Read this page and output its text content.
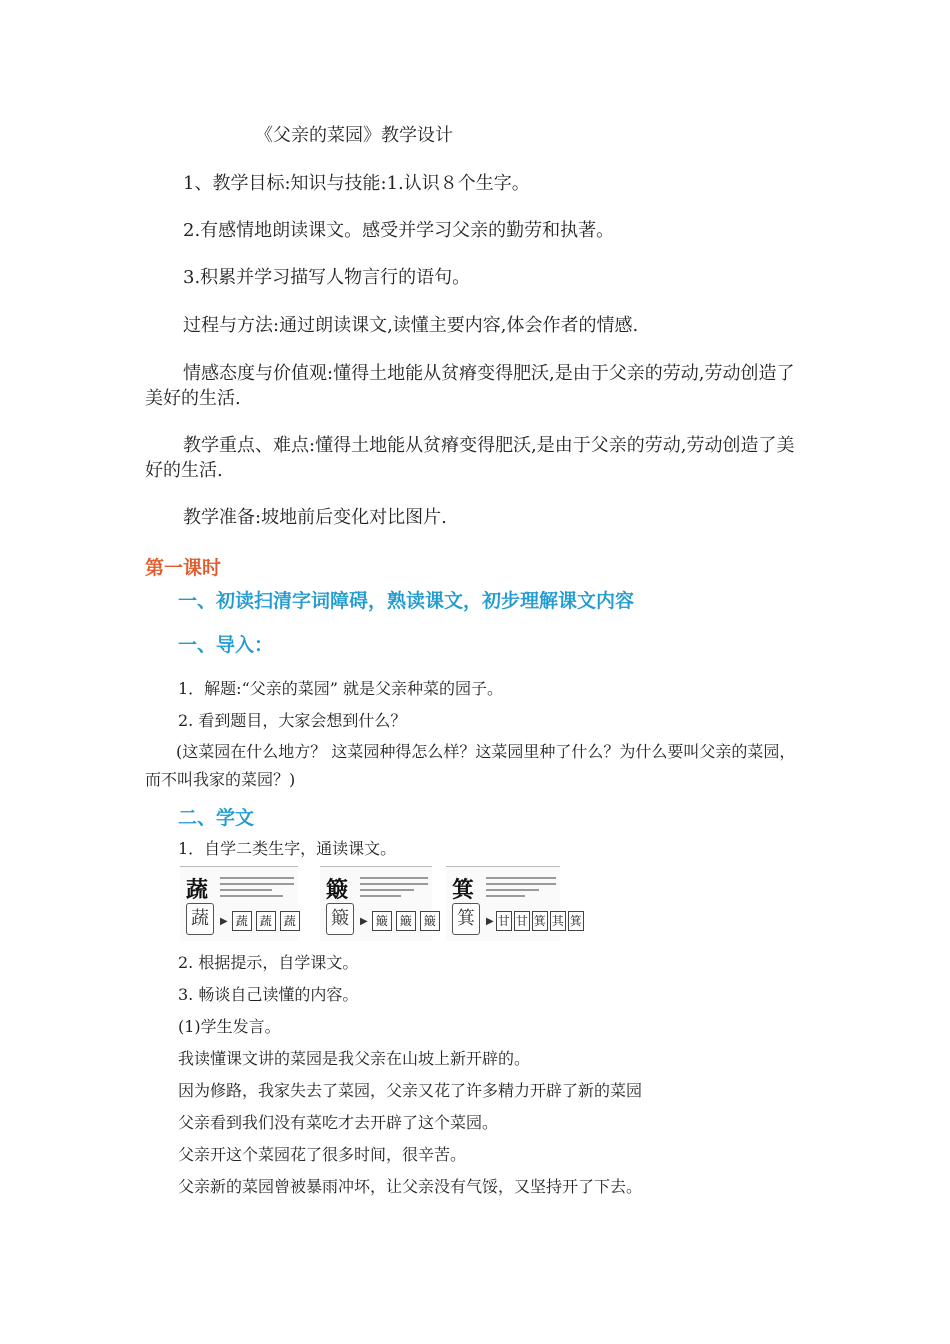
《父亲的菜园》教学设计
1、教学目标:知识与技能:1.认识８个生字。
2.有感情地朗读课文。感受并学习父亲的勤劳和执著。
3.积累并学习描写人物言行的语句。
过程与方法:通过朗读课文,读懂主要内容,体会作者的情感.
情感态度与价值观:懂得土地能从贫瘠变得肥沃,是由于父亲的劳动,劳动创造了美好的生活.
教学重点、难点:懂得土地能从贫瘠变得肥沃,是由于父亲的劳动,劳动创造了美好的生活.
教学准备:坡地前后变化对比图片.
第一课时
一、初读扫清字词障碍，熟读课文，初步理解课文内容
一、导入：
1．解题:“父亲的菜园” 就是父亲种菜的园子。
2. 看到题目，大家会想到什么？
(这菜园在什么地方？ 这菜园种得怎么样？这菜园里种了什么？为什么要叫父亲的菜园，而不叫我家的菜园？)
二、学文
1．自学二类生字，通读课文。
蔬
蔬	▶ 蔬 蔬 蔬
簸
簸	▶ 簸 簸 簸
箕
箕	▶ 甘 甘 箕 其 箕
2. 根据提示，自学课文。
3. 畅谈自己读懂的内容。
(1)学生发言。
我读懂课文讲的菜园是我父亲在山坡上新开辟的。
因为修路，我家失去了菜园，父亲又花了许多精力开辟了新的菜园
父亲看到我们没有菜吃才去开辟了这个菜园。
父亲开这个菜园花了很多时间，很辛苦。
父亲新的菜园曾被暴雨冲坏，让父亲没有气馁，又坚持开了下去。
